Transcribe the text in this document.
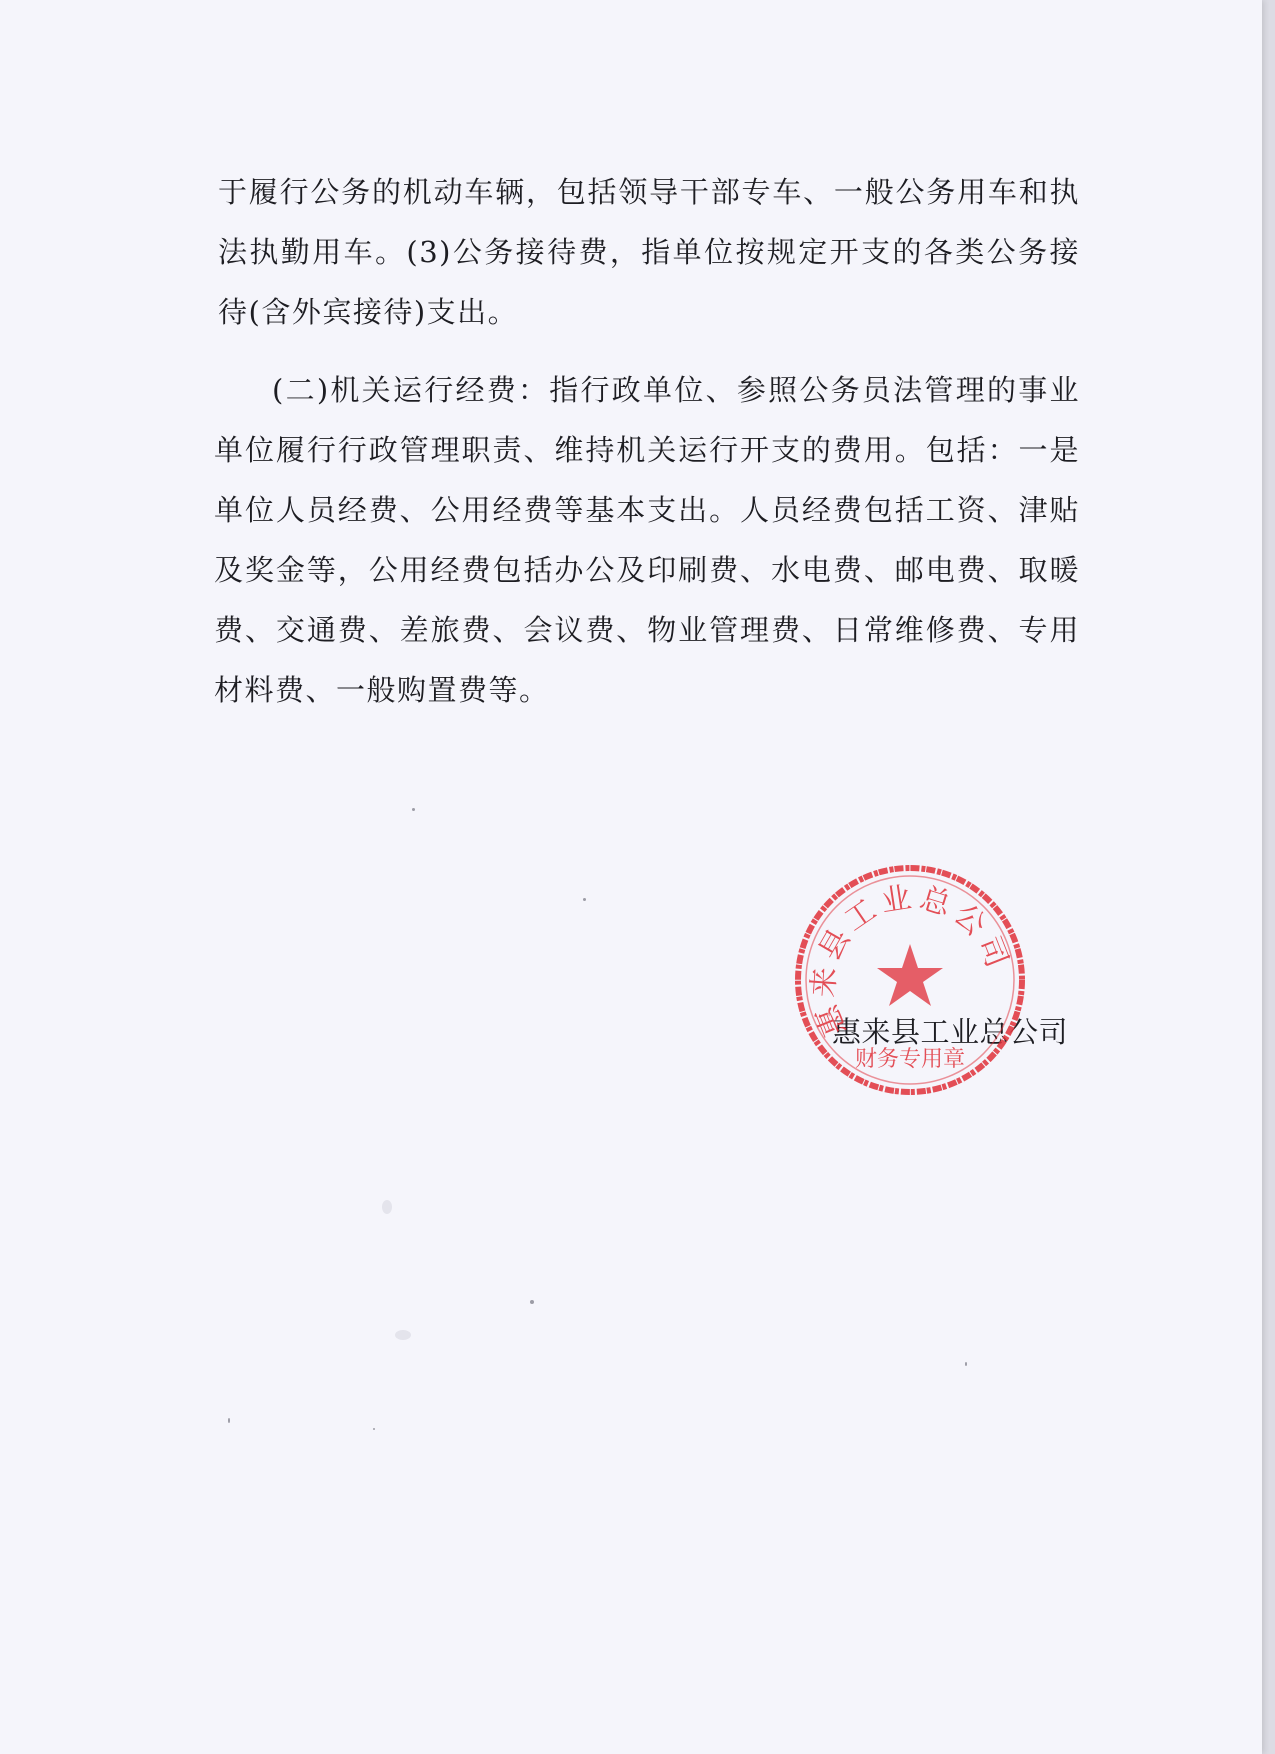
于履行公务的机动车辆，包括领导干部专车、一般公务用车和执法执勤用车。(3)公务接待费，指单位按规定开支的各类公务接待(含外宾接待)支出。

(二)机关运行经费：指行政单位、参照公务员法管理的事业单位履行行政管理职责、维持机关运行开支的费用。包括：一是单位人员经费、公用经费等基本支出。人员经费包括工资、津贴及奖金等，公用经费包括办公及印刷费、水电费、邮电费、取暖费、交通费、差旅费、会议费、物业管理费、日常维修费、专用材料费、一般购置费等。

惠来县工业总公司
惠来县工业总公司
财务专用章
